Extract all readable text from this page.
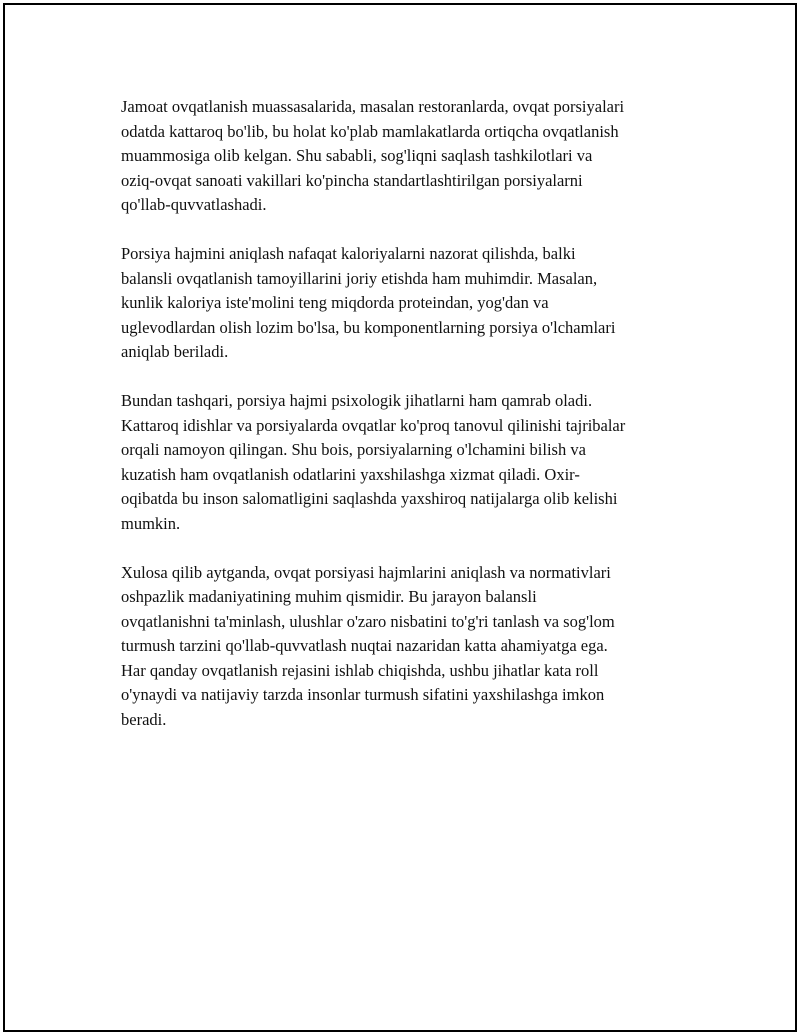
Jamoat ovqatlanish muassasalarida, masalan restoranlarda, ovqat porsiyalari
odatda kattaroq bo'lib, bu holat ko'plab mamlakatlarda ortiqcha ovqatlanish
muammosiga olib kelgan. Shu sababli, sog'liqni saqlash tashkilotlari va
oziq-ovqat sanoati vakillari ko'pincha standartlashtirilgan porsiyalarni
qo'llab-quvvatlashadi.

Porsiya hajmini aniqlash nafaqat kaloriyalarni nazorat qilishda, balki
balansli ovqatlanish tamoyillarini joriy etishda ham muhimdir. Masalan,
kunlik kaloriya iste'molini teng miqdorda proteindan, yog'dan va
uglevodlardan olish lozim bo'lsa, bu komponentlarning porsiya o'lchamlari
aniqlab beriladi.

Bundan tashqari, porsiya hajmi psixologik jihatlarni ham qamrab oladi.
Kattaroq idishlar va porsiyalarda ovqatlar ko'proq tanovul qilinishi tajribalar
orqali namoyon qilingan. Shu bois, porsiyalarning o'lchamini bilish va
kuzatish ham ovqatlanish odatlarini yaxshilashga xizmat qiladi. Oxir-
oqibatda bu inson salomatligini saqlashda yaxshiroq natijalarga olib kelishi
mumkin.

Xulosa qilib aytganda, ovqat porsiyasi hajmlarini aniqlash va normativlari
oshpazlik madaniyatining muhim qismidir. Bu jarayon balansli
ovqatlanishni ta'minlash, ulushlar o'zaro nisbatini to'g'ri tanlash va sog'lom
turmush tarzini qo'llab-quvvatlash nuqtai nazaridan katta ahamiyatga ega.
Har qanday ovqatlanish rejasini ishlab chiqishda, ushbu jihatlar kata roll
o'ynaydi va natijaviy tarzda insonlar turmush sifatini yaxshilashga imkon
beradi.
